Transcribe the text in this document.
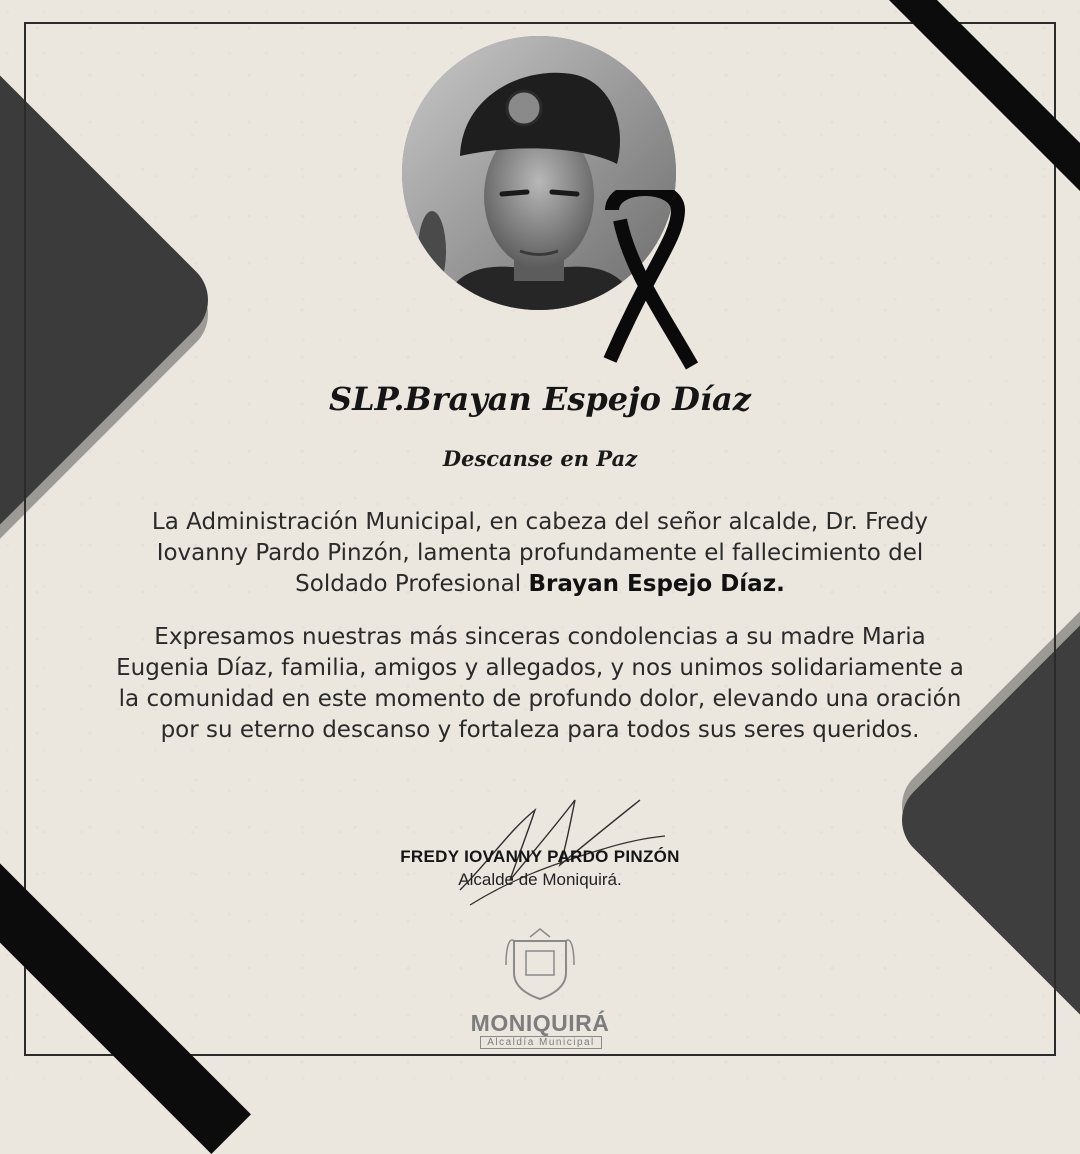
SLP.Brayan Espejo Díaz
Descanse en Paz

La Administración Municipal, en cabeza del señor alcalde, Dr. Fredy Iovanny Pardo Pinzón, lamenta profundamente el fallecimiento del Soldado Profesional Brayan Espejo Díaz.

Expresamos nuestras más sinceras condolencias a su madre Maria Eugenia Díaz, familia, amigos y allegados, y nos unimos solidariamente a la comunidad en este momento de profundo dolor, elevando una oración por su eterno descanso y fortaleza para todos sus seres queridos.

FREDY IOVANNY PARDO PINZÓN
Alcalde de Moniquirá.
MONIQUIRÁ
Alcaldía Municipal
